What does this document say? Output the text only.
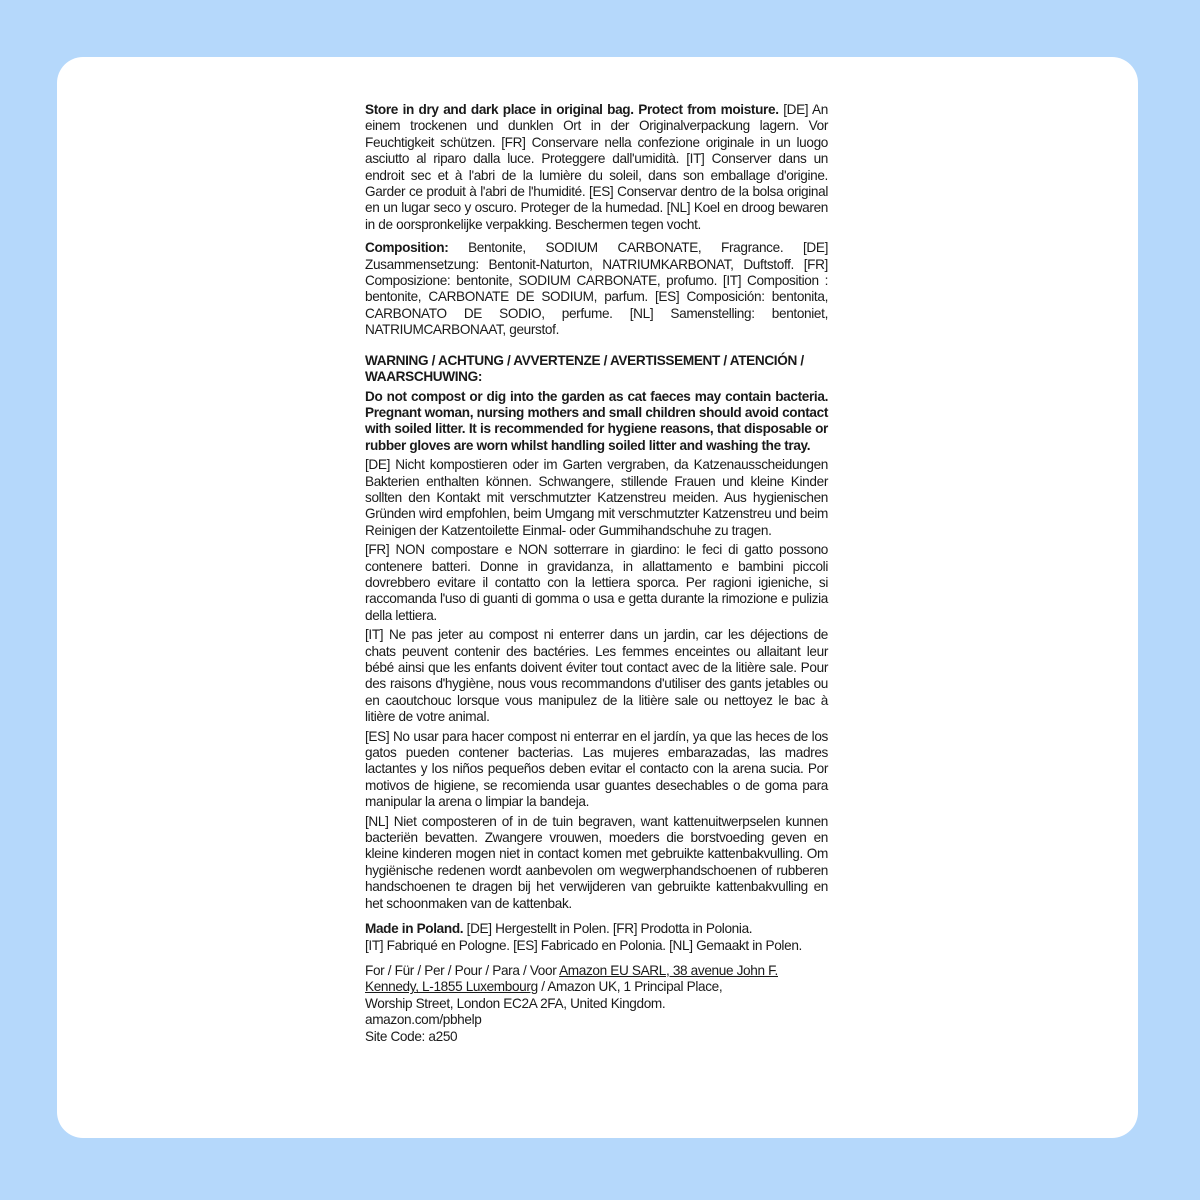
Store in dry and dark place in original bag. Protect from moisture. [DE] An einem trockenen und dunklen Ort in der Originalverpackung lagern. Vor Feuchtigkeit schützen. [FR] Conservare nella confezione originale in un luogo asciutto al riparo dalla luce. Proteggere dall'umidità. [IT] Conserver dans un endroit sec et à l'abri de la lumière du soleil, dans son emballage d'origine. Garder ce produit à l'abri de l'humidité. [ES] Conservar dentro de la bolsa original en un lugar seco y oscuro. Proteger de la humedad. [NL] Koel en droog bewaren in de oorspronkelijke verpakking. Beschermen tegen vocht.

Composition: Bentonite, SODIUM CARBONATE, Fragrance. [DE] Zusammensetzung: Bentonit-Naturton, NATRIUMKARBONAT, Duftstoff. [FR] Composizione: bentonite, SODIUM CARBONATE, profumo. [IT] Composition : bentonite, CARBONATE DE SODIUM, parfum. [ES] Composición: bentonita, CARBONATO DE SODIO, perfume. [NL] Samenstelling: bentoniet, NATRIUMCARBONAAT, geurstof.

WARNING / ACHTUNG / AVVERTENZE / AVERTISSEMENT / ATENCIÓN / WAARSCHUWING:

Do not compost or dig into the garden as cat faeces may contain bacteria. Pregnant woman, nursing mothers and small children should avoid contact with soiled litter. It is recommended for hygiene reasons, that disposable or rubber gloves are worn whilst handling soiled litter and washing the tray.

[DE] Nicht kompostieren oder im Garten vergraben, da Katzenausscheidungen Bakterien enthalten können. Schwangere, stillende Frauen und kleine Kinder sollten den Kontakt mit verschmutzter Katzenstreu meiden. Aus hygienischen Gründen wird empfohlen, beim Umgang mit verschmutzter Katzenstreu und beim Reinigen der Katzentoilette Einmal- oder Gummihandschuhe zu tragen.

[FR] NON compostare e NON sotterrare in giardino: le feci di gatto possono contenere batteri. Donne in gravidanza, in allattamento e bambini piccoli dovrebbero evitare il contatto con la lettiera sporca. Per ragioni igieniche, si raccomanda l'uso di guanti di gomma o usa e getta durante la rimozione e pulizia della lettiera.

[IT] Ne pas jeter au compost ni enterrer dans un jardin, car les déjections de chats peuvent contenir des bactéries. Les femmes enceintes ou allaitant leur bébé ainsi que les enfants doivent éviter tout contact avec de la litière sale. Pour des raisons d'hygiène, nous vous recommandons d'utiliser des gants jetables ou en caoutchouc lorsque vous manipulez de la litière sale ou nettoyez le bac à litière de votre animal.

[ES] No usar para hacer compost ni enterrar en el jardín, ya que las heces de los gatos pueden contener bacterias. Las mujeres embarazadas, las madres lactantes y los niños pequeños deben evitar el contacto con la arena sucia. Por motivos de higiene, se recomienda usar guantes desechables o de goma para manipular la arena o limpiar la bandeja.

[NL] Niet composteren of in de tuin begraven, want kattenuitwerpselen kunnen bacteriën bevatten. Zwangere vrouwen, moeders die borstvoeding geven en kleine kinderen mogen niet in contact komen met gebruikte kattenbakvulling. Om hygiënische redenen wordt aanbevolen om wegwerphandschoenen of rubberen handschoenen te dragen bij het verwijderen van gebruikte kattenbakvulling en het schoonmaken van de kattenbak.

Made in Poland. [DE] Hergestellt in Polen. [FR] Prodotta in Polonia.
[IT] Fabriqué en Pologne. [ES] Fabricado en Polonia. [NL] Gemaakt in Polen.

For / Für / Per / Pour / Para / Voor Amazon EU SARL, 38 avenue John F. Kennedy, L-1855 Luxembourg / Amazon UK, 1 Principal Place,
Worship Street, London EC2A 2FA, United Kingdom.
amazon.com/pbhelp
Site Code: a250
